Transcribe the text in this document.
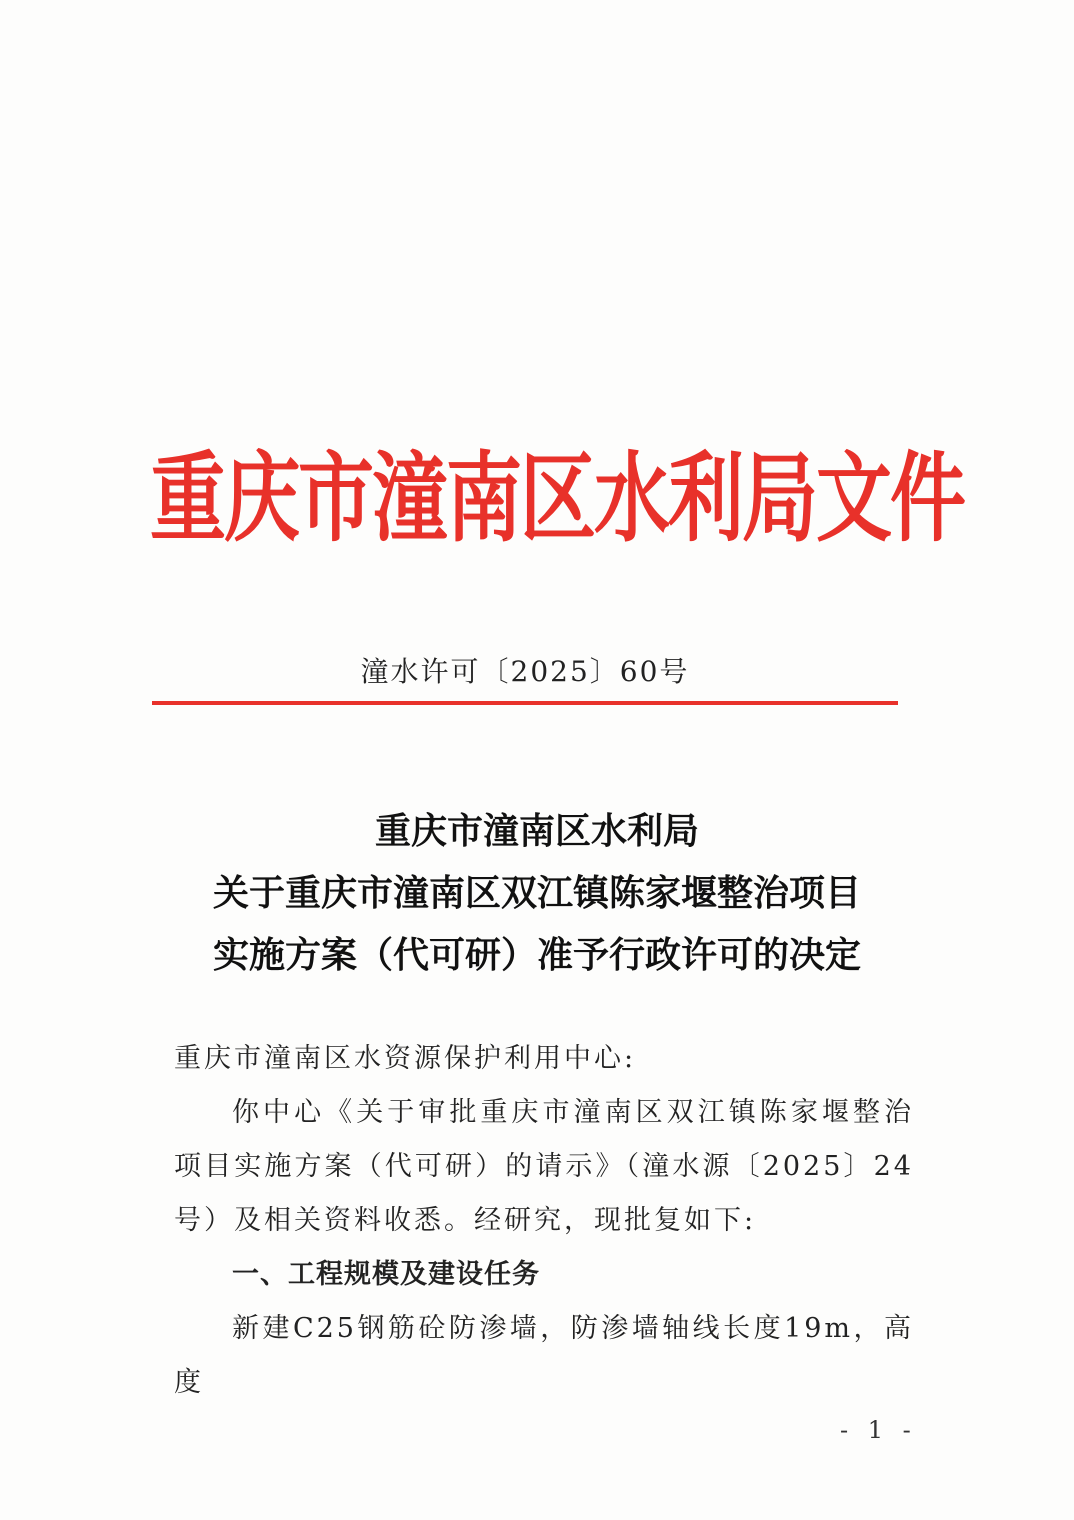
重庆市潼南区水利局文件
潼水许可〔2025〕60号
重庆市潼南区水利局
关于重庆市潼南区双江镇陈家堰整治项目
实施方案（代可研）准予行政许可的决定

重庆市潼南区水资源保护利用中心:

你中心《关于审批重庆市潼南区双江镇陈家堰整治项目实施方案（代可研）的请示》（潼水源〔2025〕24号）及相关资料收悉。经研究，现批复如下:

一、工程规模及建设任务

新建C25钢筋砼防渗墙，防渗墙轴线长度19m，高度

- 1 -
